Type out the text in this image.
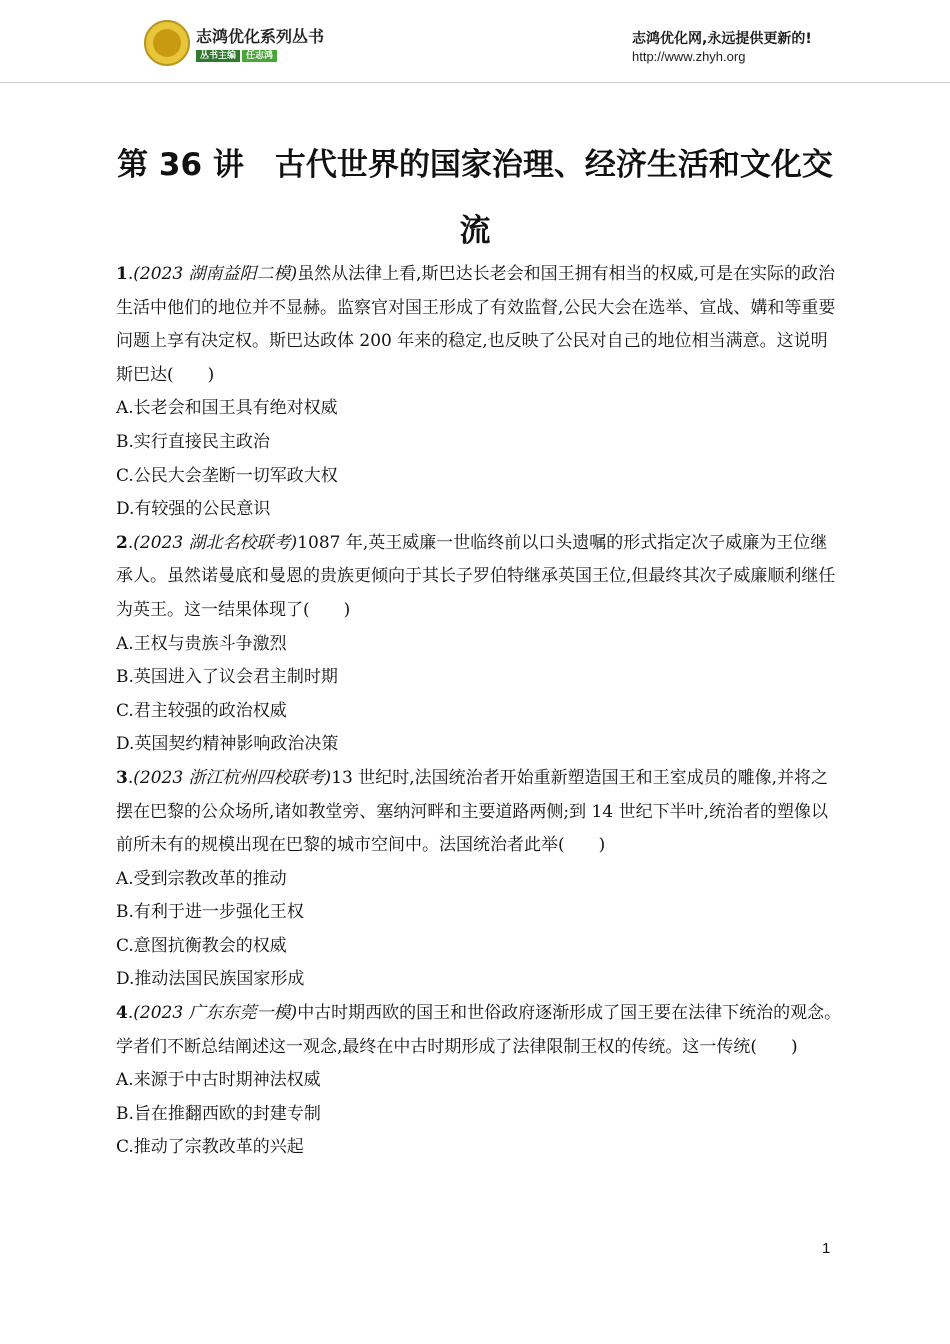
志鸿优化系列丛书
丛书主编 任志鸿
志鸿优化网,永远提供更新的!
http://www.zhyh.org
第 36 讲　古代世界的国家治理、经济生活和文化交流

1.(2023 湖南益阳二模)虽然从法律上看,斯巴达长老会和国王拥有相当的权威,可是在实际的政治生活中他们的地位并不显赫。监察官对国王形成了有效监督,公民大会在选举、宣战、媾和等重要问题上享有决定权。斯巴达政体 200 年来的稳定,也反映了公民对自己的地位相当满意。这说明斯巴达(　　)

A.长老会和国王具有绝对权威

B.实行直接民主政治

C.公民大会垄断一切军政大权

D.有较强的公民意识

2.(2023 湖北名校联考)1087 年,英王威廉一世临终前以口头遗嘱的形式指定次子威廉为王位继承人。虽然诺曼底和曼恩的贵族更倾向于其长子罗伯特继承英国王位,但最终其次子威廉顺利继任为英王。这一结果体现了(　　)

A.王权与贵族斗争激烈

B.英国进入了议会君主制时期

C.君主较强的政治权威

D.英国契约精神影响政治决策

3.(2023 浙江杭州四校联考)13 世纪时,法国统治者开始重新塑造国王和王室成员的雕像,并将之摆在巴黎的公众场所,诸如教堂旁、塞纳河畔和主要道路两侧;到 14 世纪下半叶,统治者的塑像以前所未有的规模出现在巴黎的城市空间中。法国统治者此举(　　)

A.受到宗教改革的推动

B.有利于进一步强化王权

C.意图抗衡教会的权威

D.推动法国民族国家形成

4.(2023 广东东莞一模)中古时期西欧的国王和世俗政府逐渐形成了国王要在法律下统治的观念。学者们不断总结阐述这一观念,最终在中古时期形成了法律限制王权的传统。这一传统(　　)

A.来源于中古时期神法权威

B.旨在推翻西欧的封建专制

C.推动了宗教改革的兴起

1
